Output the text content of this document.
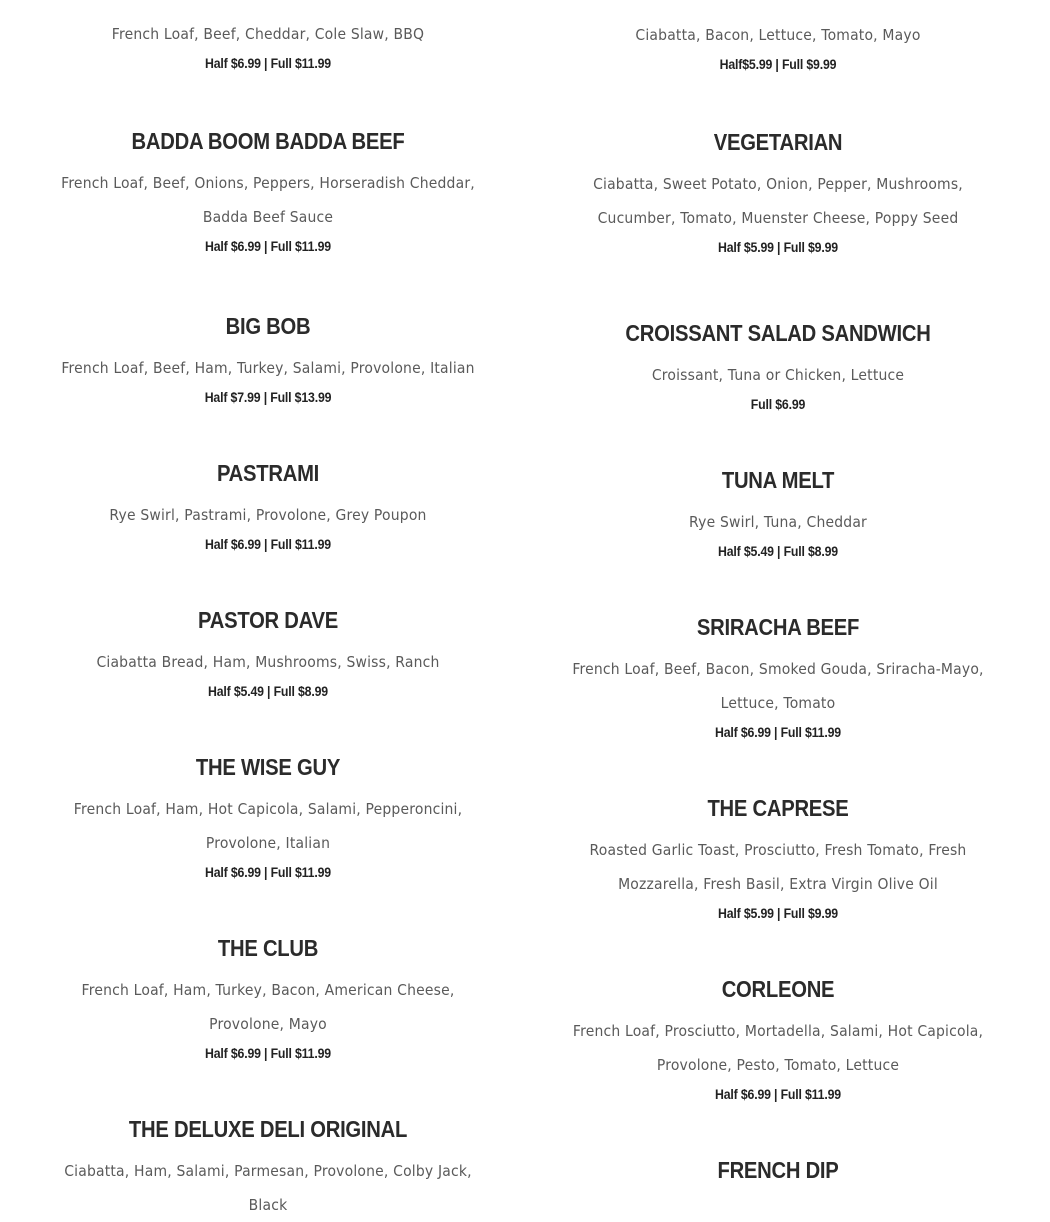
French Loaf, Beef, Cheddar, Cole Slaw, BBQ

Half $6.99 | Full $11.99

BADDA BOOM BADDA BEEF

French Loaf, Beef, Onions, Peppers, Horseradish Cheddar, Badda Beef Sauce

Half $6.99 | Full $11.99

BIG BOB

French Loaf, Beef, Ham, Turkey, Salami, Provolone, Italian

Half $7.99 | Full $13.99

PASTRAMI

Rye Swirl, Pastrami, Provolone, Grey Poupon

Half $6.99 | Full $11.99

PASTOR DAVE

Ciabatta Bread, Ham, Mushrooms, Swiss, Ranch

Half $5.49 | Full $8.99

THE WISE GUY

French Loaf, Ham, Hot Capicola, Salami, Pepperoncini, Provolone, Italian

Half $6.99 | Full $11.99

THE CLUB

French Loaf, Ham, Turkey, Bacon, American Cheese, Provolone, Mayo

Half $6.99 | Full $11.99

THE DELUXE DELI ORIGINAL

Ciabatta, Ham, Salami, Parmesan, Provolone, Colby Jack, Black

Ciabatta, Bacon, Lettuce, Tomato, Mayo

Half$5.99 | Full $9.99

VEGETARIAN

Ciabatta, Sweet Potato, Onion, Pepper, Mushrooms, Cucumber, Tomato, Muenster Cheese, Poppy Seed

Half $5.99 | Full $9.99

CROISSANT SALAD SANDWICH

Croissant, Tuna or Chicken, Lettuce

Full $6.99

TUNA MELT

Rye Swirl, Tuna, Cheddar

Half $5.49 | Full $8.99

SRIRACHA BEEF

French Loaf, Beef, Bacon, Smoked Gouda, Sriracha-Mayo, Lettuce, Tomato

Half $6.99 | Full $11.99

THE CAPRESE

Roasted Garlic Toast, Prosciutto, Fresh Tomato, Fresh Mozzarella, Fresh Basil, Extra Virgin Olive Oil

Half $5.99 | Full $9.99

CORLEONE

French Loaf, Prosciutto, Mortadella, Salami, Hot Capicola, Provolone, Pesto, Tomato, Lettuce

Half $6.99 | Full $11.99

FRENCH DIP
